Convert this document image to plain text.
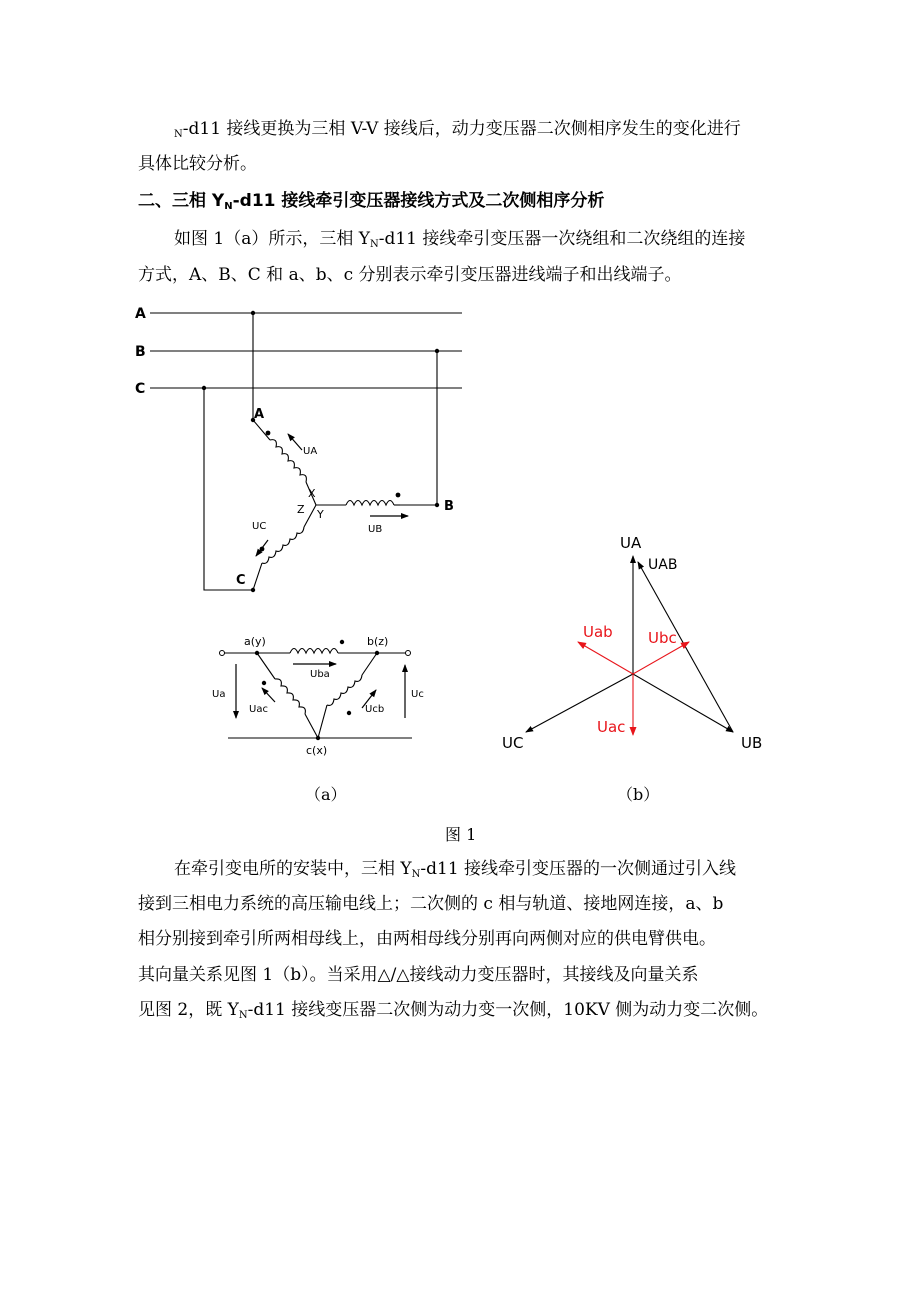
$_N$-d11 接线更换为三相 V-V 接线后，动力变压器二次侧相序发生的变化进行
具体比较分析。
二、三相 $Y_N-d11$ 接线牵引变压器接线方式及二次侧相序分析
如图 1（a）所示，三相 $Y_N-d11$ 接线牵引变压器一次绕组和二次绕组的连接
方式，A、B、C 和 a、b、c 分别表示牵引变压器进线端子和出线端子。
A
B
C
A
B
C
X
Y
Z
UA
UB
UC
a(y)	b(z)
c(x)
Uba
Ua
Uac	Ucb
Uc
UA
UAB
UB
UC
Uab Ubc
Uac
（a）	（b）
图 1
在牵引变电所的安装中，三相 $Y_N-d11$ 接线牵引变压器的一次侧通过引入线
接到三相电力系统的高压输电线上；二次侧的 c 相与轨道、接地网连接，a、b
相分别接到牵引所两相母线上，由两相母线分别再向两侧对应的供电臂供电。
其向量关系见图 1（b）。当采用△/△接线动力变压器时，其接线及向量关系
见图 2，既 $Y_N-d11$ 接线变压器二次侧为动力变一次侧，10KV 侧为动力变二次侧。
